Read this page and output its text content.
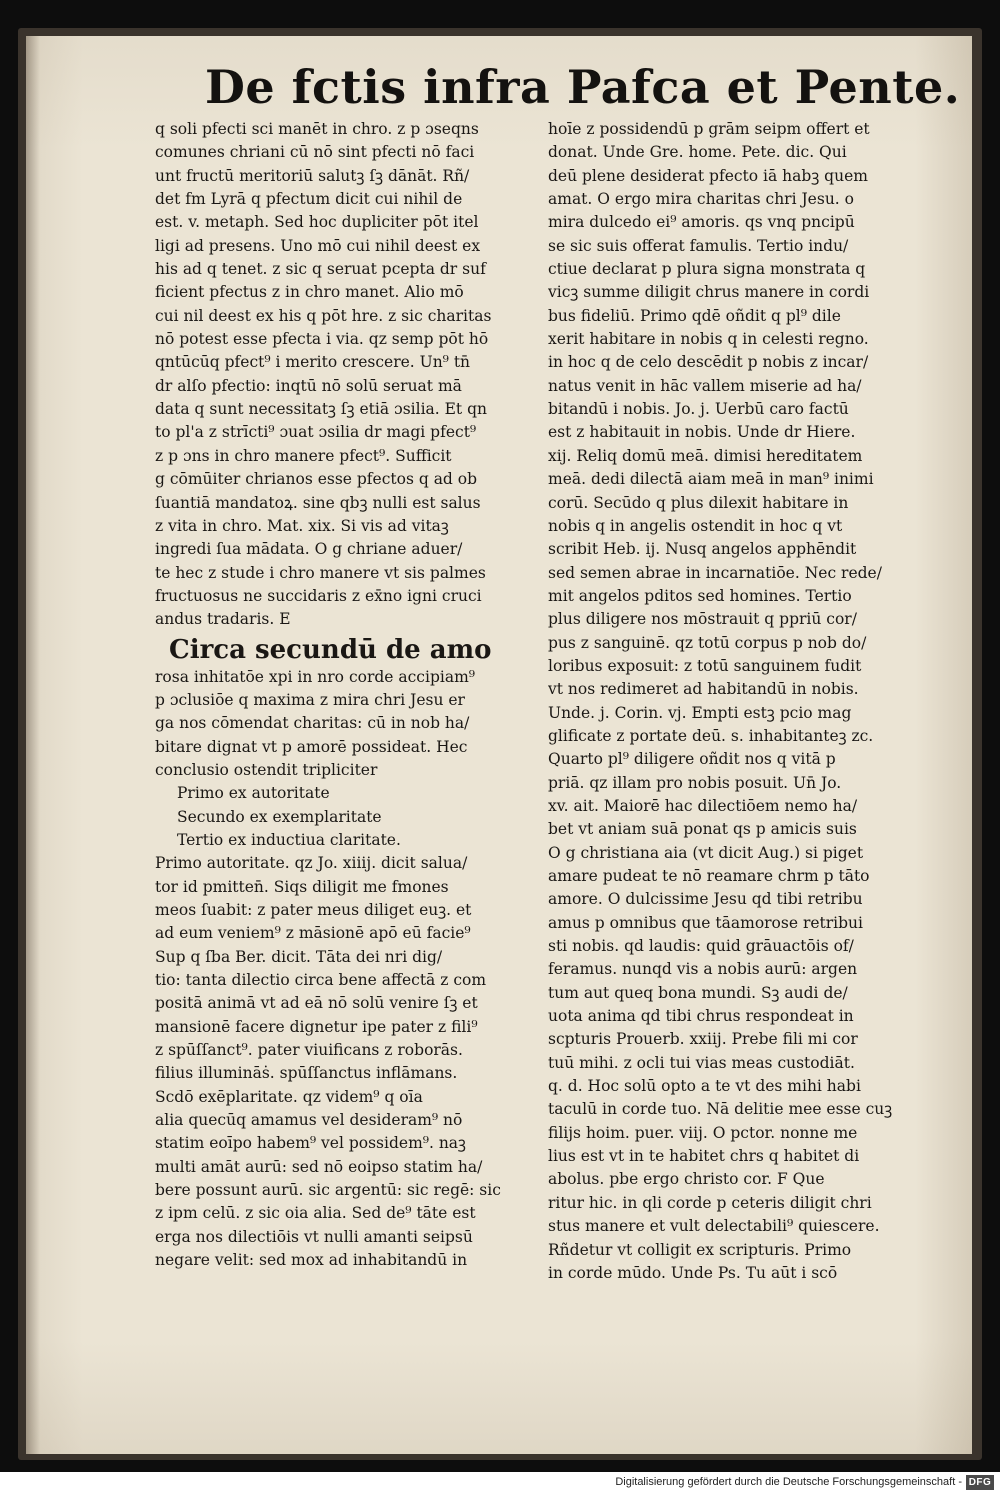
De fctis infra Pafca et Pente.
q soli pfecti sci manēt in chro. z p ɔseqns
comunes chriani cū nō sint pfecti nō faci
unt fructū meritoriū salutꝫ ſꝫ dānāt. Rñ/
det fm Lyrā q pfectum dicit cui nihil de
est. v. metaph. Sed hoc dupliciter pōt itel
ligi ad presens. Uno mō cui nihil deest ex
his ad q tenet. z sic q seruat pcepta dr suf
ficient pfectus z in chro manet. Alio mō
cui nil deest ex his q pōt hre. z sic charitas
nō potest esse pfecta i via. qz semp pōt hō
qntūcūq pfect⁹ i merito crescere. Un⁹ tn̄
dr alſo pfectio: inqtū nō solū seruat mā
data q sunt necessitatꝫ ſꝫ etiā ɔsilia. Et qn
to pl'a z strīcti⁹ ɔuat ɔsilia dr magi pfect⁹
z p ɔns in chro manere pfect⁹. Sufficit
g cōmūiter chrianos esse pfectos q ad ob
ſuantiā mandatoꝝ. sine qbꝫ nulli est salus
z vita in chro. Mat. xix. Si vis ad vitaꝫ
ingredi ſua mādata. O g chriane aduer/
te hec z stude i chro manere vt sis palmes
fructuosus ne succidaris z ex̄no igni cruci
andus tradaris. E
Circa secundū de amo
rosa inhitatōe xpi in nro corde accipiam⁹
p ɔclusiōe q maxima z mira chri Jesu er
ga nos cōmendat charitas: cū in nob ha/
bitare dignat vt p amorē possideat. Hec
conclusio ostendit tripliciter
Primo ex autoritate
Secundo ex exemplaritate
Tertio ex inductiua claritate.
Primo autoritate. qz Jo. xiiij. dicit salua/
tor id pmitten̄. Siqs diligit me fmones
meos ſuabit: z pater meus diliget euꝫ. et
ad eum veniem⁹ z māsionē apō eū facie⁹
Sup q ſba Ber. dicit. Tāta dei nri dig/
tio: tanta dilectio circa bene affectā z com
positā animā vt ad eā nō solū venire ſꝫ et
mansionē facere dignetur ipe pater z fili⁹
z spūſſanct⁹. pater viuificans z roborās.
filius illumināṡ. spūſſanctus inflāmans.
Scdō exēplaritate. qz videm⁹ q oīa
alia quecūq amamus vel desideram⁹ nō
statim eoīpo habem⁹ vel possidem⁹. naꝫ
multi amāt aurū: sed nō eoipso statim ha/
bere possunt aurū. sic argentū: sic regē: sic
z ipm celū. z sic oia alia. Sed de⁹ tāte est
erga nos dilectiōis vt nulli amanti seipsū
negare velit: sed mox ad inhabitandū in
hoīe z possidendū p grām seipm offert et
donat. Unde Gre. home. Pete. dic. Qui
deū plene desiderat pfecto iā habꝫ quem
amat. O ergo mira charitas chri Jesu. o
mira dulcedo ei⁹ amoris. qs vnq pncipū
se sic suis offerat famulis. Tertio indu/
ctiue declarat p plura signa monstrata q
vicꝫ summe diligit chrus manere in cordi
bus fideliū. Primo qdē oñdit q pl⁹ dile
xerit habitare in nobis q in celesti regno.
in hoc q de celo descēdit p nobis z incar/
natus venit in hāc vallem miserie ad ha/
bitandū i nobis. Jo. j. Uerbū caro factū
est z habitauit in nobis. Unde dr Hiere.
xij. Reliq domū meā. dimisi hereditatem
meā. dedi dilectā aiam meā in man⁹ inimi
corū. Secūdo q plus dilexit habitare in
nobis q in angelis ostendit in hoc q vt
scribit Heb. ij. Nusq angelos apphēndit
sed semen abrae in incarnatiōe. Nec rede/
mit angelos pditos sed homines. Tertio
plus diligere nos mōstrauit q ppriū cor/
pus z sanguinē. qz totū corpus p nob do/
loribus exposuit: z totū sanguinem fudit
vt nos redimeret ad habitandū in nobis.
Unde. j. Corin. vj. Empti estꝫ pcio mag
glificate z portate deū. s. inhabitanteꝫ zc.
Quarto pl⁹ diligere oñdit nos q vitā p
priā. qz illam pro nobis posuit. Un̄ Jo.
xv. ait. Maiorē hac dilectiōem nemo ha/
bet vt aniam suā ponat qs p amicis suis
O g christiana aia (vt dicit Aug.) si piget
amare pudeat te nō reamare chrm p tāto
amore. O dulcissime Jesu qd tibi retribu
amus p omnibus que tāamorose retribui
sti nobis. qd laudis: quid grāuactōis of/
feramus. nunqd vis a nobis aurū: argen
tum aut queq bona mundi. Sꝫ audi de/
uota anima qd tibi chrus respondeat in
scpturis Prouerb. xxiij. Prebe fili mi cor
tuū mihi. z ocli tui vias meas custodiāt.
q. d. Hoc solū opto a te vt des mihi habi
taculū in corde tuo. Nā delitie mee esse cuꝫ
filijs hoim. puer. viij. O pctor. nonne me
lius est vt in te habitet chrs q habitet di
abolus. pbe ergo christo cor. F Que
ritur hic. in qli corde p ceteris diligit chri
stus manere et vult delectabili⁹ quiescere.
Rñdetur vt colligit ex scripturis. Primo
in corde mūdo. Unde Ps. Tu aūt i scō
Digitalisierung gefördert durch die Deutsche Forschungsgemeinschaft - DFG
